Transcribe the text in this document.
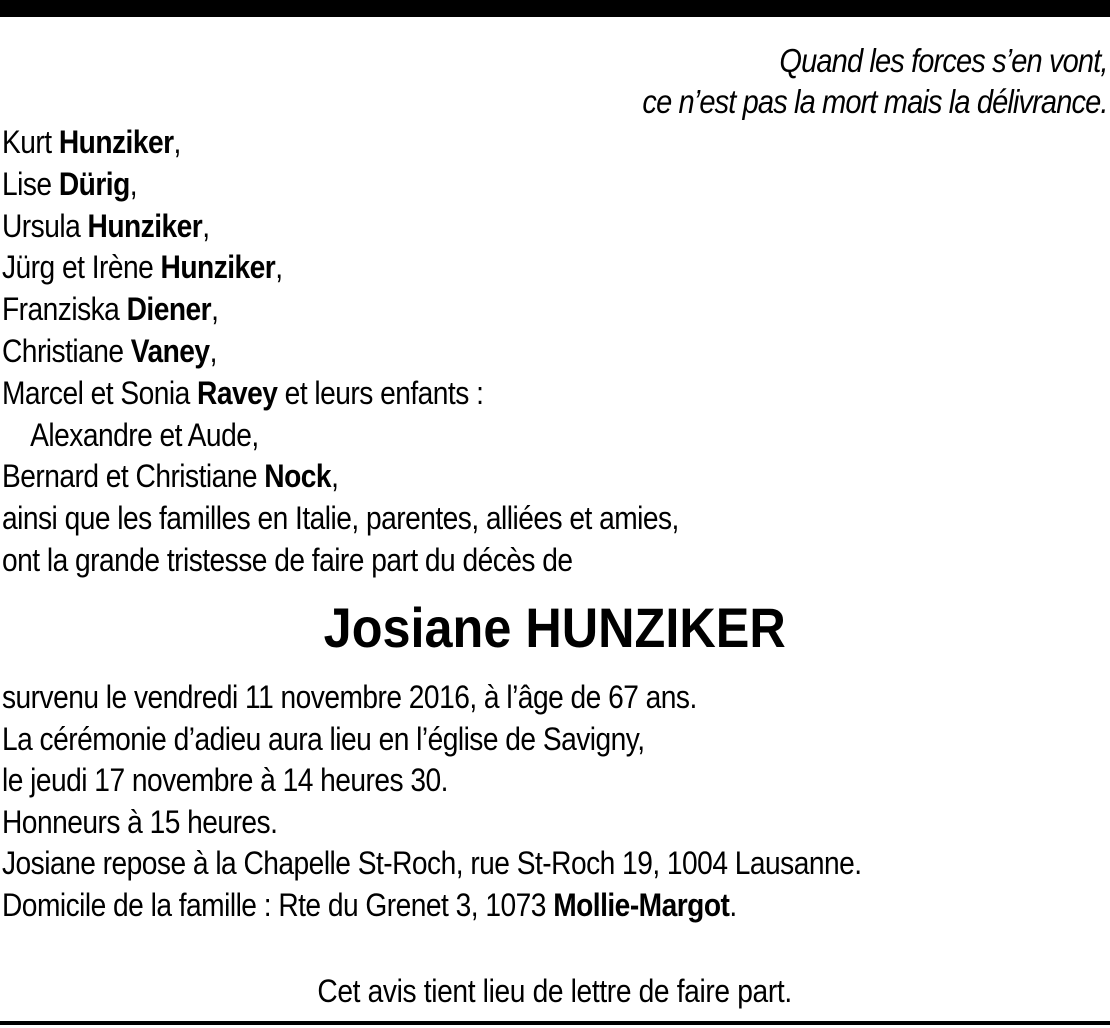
Quand les forces s’en vont,
ce n’est pas la mort mais la délivrance.
Kurt Hunziker,
Lise Dürig,
Ursula Hunziker,
Jürg et Irène Hunziker,
Franziska Diener,
Christiane Vaney,
Marcel et Sonia Ravey et leurs enfants :
Alexandre et Aude,
Bernard et Christiane Nock,
ainsi que les familles en Italie, parentes, alliées et amies,
ont la grande tristesse de faire part du décès de
Josiane HUNZIKER
survenu le vendredi 11 novembre 2016, à l’âge de 67 ans.
La cérémonie d’adieu aura lieu en l’église de Savigny,
le jeudi 17 novembre à 14 heures 30.
Honneurs à 15 heures.
Josiane repose à la Chapelle St-Roch, rue St-Roch 19, 1004 Lausanne.
Domicile de la famille : Rte du Grenet 3, 1073 Mollie-Margot.
Cet avis tient lieu de lettre de faire part.
